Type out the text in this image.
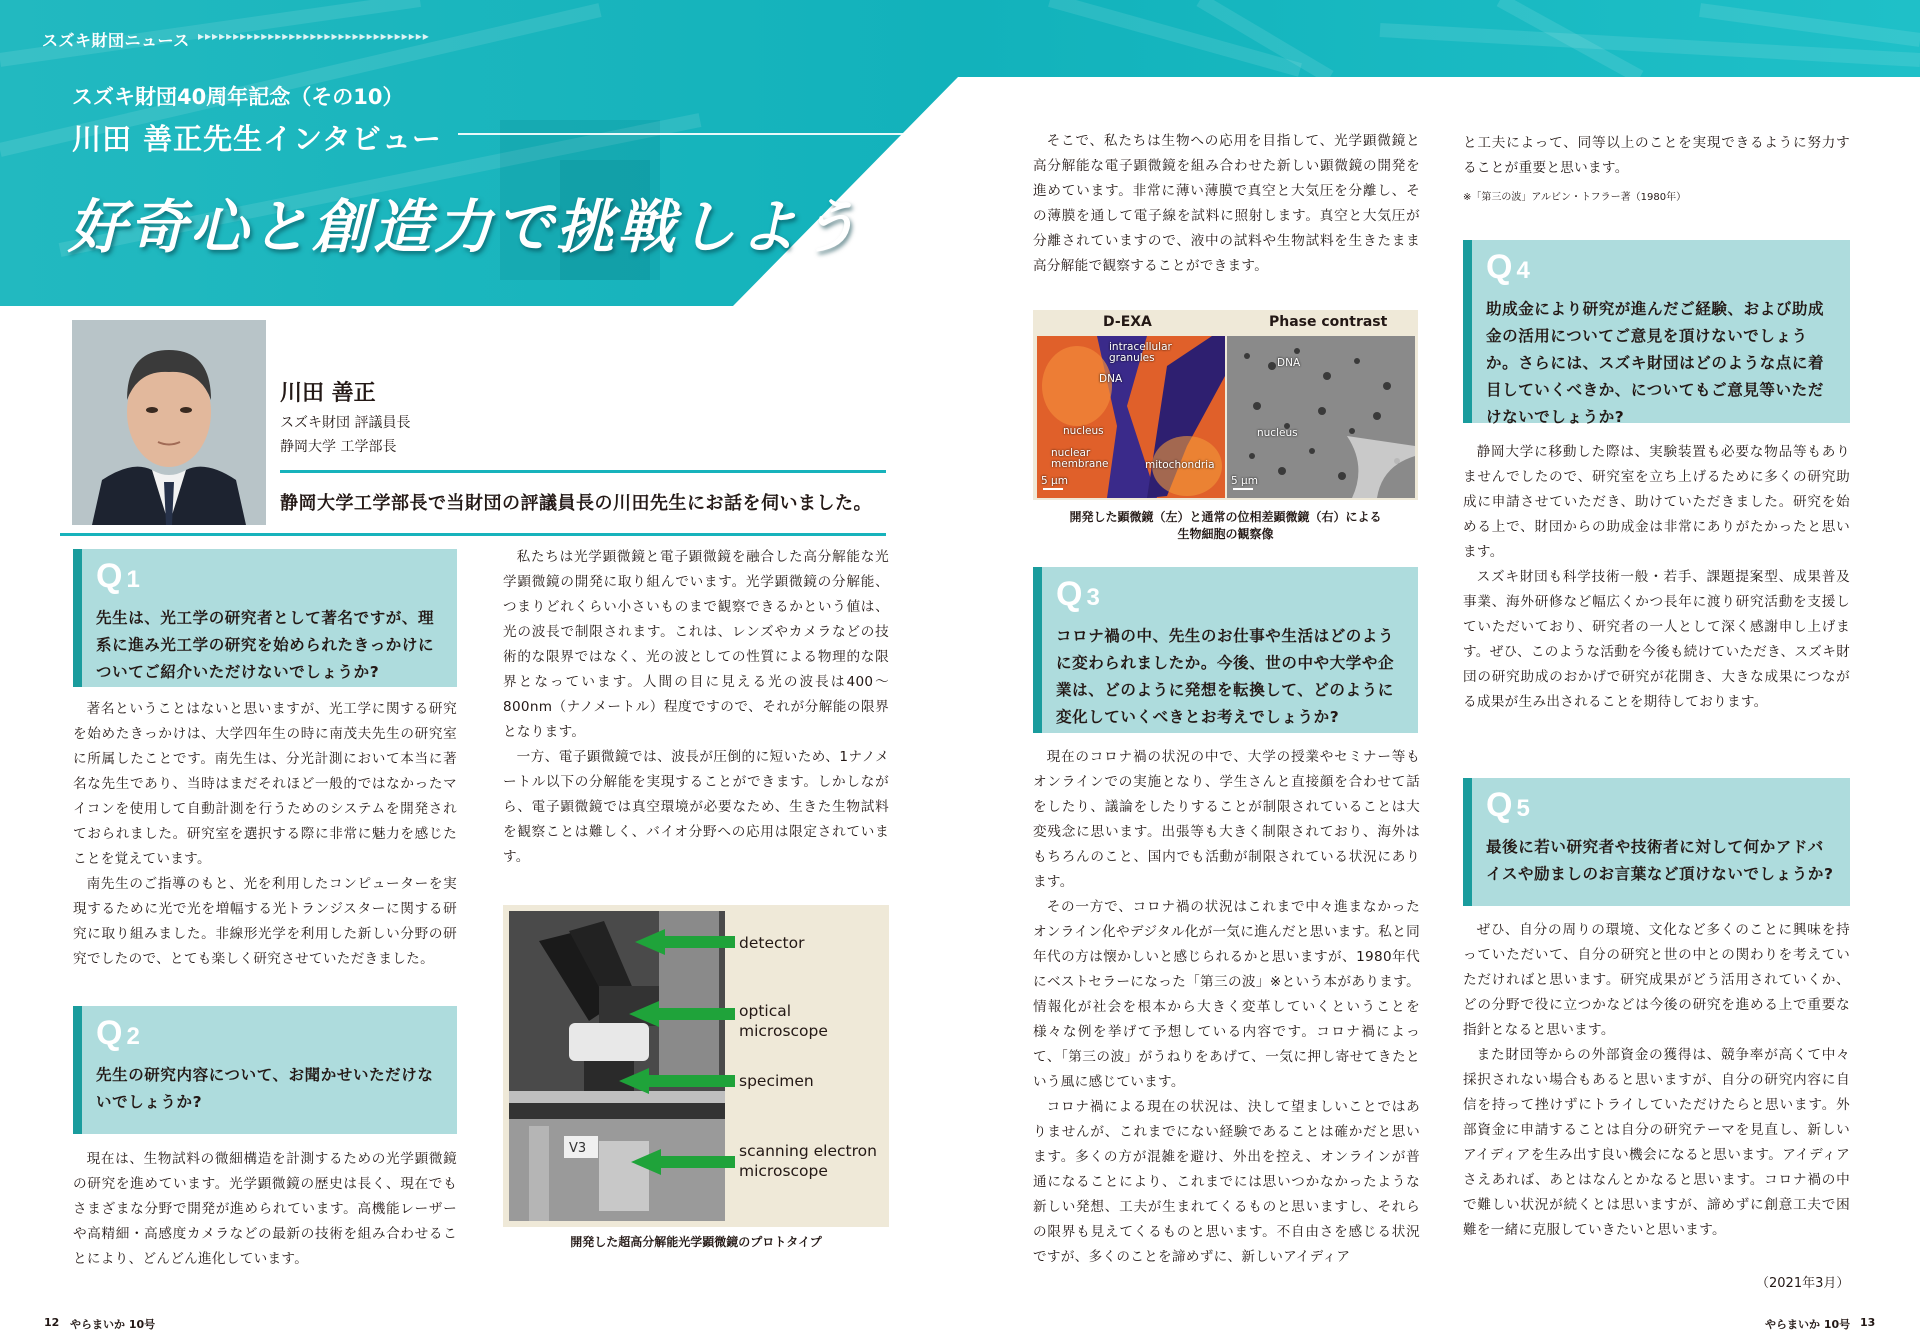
スズキ財団ニュース ▸▸▸▸▸▸▸▸▸▸▸▸▸▸▸▸▸▸▸▸▸▸▸▸▸▸▸▸▸▸▸▸▸
スズキ財団40周年記念（その10）
川田 善正先生インタビュー
好奇心と創造力で挑戦しよう
川田 善正
スズキ財団 評議員長
静岡大学 工学部長
静岡大学工学部長で当財団の評議員長の川田先生にお話を伺いました。
Q 1
先生は、光工学の研究者として著名ですが、理系に進み光工学の研究を始められたきっかけについてご紹介いただけないでしょうか?

著名ということはないと思いますが、光工学に関する研究を始めたきっかけは、大学四年生の時に南茂夫先生の研究室に所属したことです。南先生は、分光計測において本当に著名な先生であり、当時はまだそれほど一般的ではなかったマイコンを使用して自動計測を行うためのシステムを開発されておられました。研究室を選択する際に非常に魅力を感じたことを覚えています。

南先生のご指導のもと、光を利用したコンピューターを実現するために光で光を増幅する光トランジスターに関する研究に取り組みました。非線形光学を利用した新しい分野の研究でしたので、とても楽しく研究させていただきました。

Q 2
先生の研究内容について、お聞かせいただけないでしょうか?

現在は、生物試料の微細構造を計測するための光学顕微鏡の研究を進めています。光学顕微鏡の歴史は長く、現在でもさまざまな分野で開発が進められています。高機能レーザーや高精細・高感度カメラなどの最新の技術を組み合わせることにより、どんどん進化しています。

私たちは光学顕微鏡と電子顕微鏡を融合した高分解能な光学顕微鏡の開発に取り組んでいます。光学顕微鏡の分解能、つまりどれくらい小さいものまで観察できるかという値は、光の波長で制限されます。これは、レンズやカメラなどの技術的な限界ではなく、光の波としての性質による物理的な限界となっています。人間の目に見える光の波長は400～800nm（ナノメートル）程度ですので、それが分解能の限界となります。

一方、電子顕微鏡では、波長が圧倒的に短いため、1ナノメートル以下の分解能を実現することができます。しかしながら、電子顕微鏡では真空環境が必要なため、生きた生物試料を観察ことは難しく、バイオ分野への応用は限定されています。

V3
detector
optical microscope
specimen
scanning electron microscope
開発した超高分解能光学顕微鏡のプロトタイプ

そこで、私たちは生物への応用を目指して、光学顕微鏡と高分解能な電子顕微鏡を組み合わせた新しい顕微鏡の開発を進めています。非常に薄い薄膜で真空と大気圧を分離し、その薄膜を通して電子線を試料に照射します。真空と大気圧が分離されていますので、液中の試料や生物試料を生きたまま高分解能で観察することができます。

D-EXA	Phase contrast
intracellular granules
DNA
nucleus
nuclear membrane	mitochondria
5 μm
DNA
nucleus
5 μm
開発した顕微鏡（左）と通常の位相差顕微鏡（右）による
生物細胞の観察像
Q 3
コロナ禍の中、先生のお仕事や生活はどのように変わられましたか。今後、世の中や大学や企業は、どのように発想を転換して、どのように変化していくべきとお考えでしょうか?

現在のコロナ禍の状況の中で、大学の授業やセミナー等もオンラインでの実施となり、学生さんと直接顔を合わせて話をしたり、議論をしたりすることが制限されていることは大変残念に思います。出張等も大きく制限されており、海外はもちろんのこと、国内でも活動が制限されている状況にあります。

その一方で、コロナ禍の状況はこれまで中々進まなかったオンライン化やデジタル化が一気に進んだと思います。私と同年代の方は懐かしいと感じられるかと思いますが、1980年代にベストセラーになった「第三の波」※という本があります。情報化が社会を根本から大きく変革していくということを様々な例を挙げて予想している内容です。コロナ禍によって、「第三の波」がうねりをあげて、一気に押し寄せてきたという風に感じています。

コロナ禍による現在の状況は、決して望ましいことではありませんが、これまでにない経験であることは確かだと思います。多くの方が混雑を避け、外出を控え、オンラインが普通になることにより、これまでには思いつかなかったような新しい発想、工夫が生まれてくるものと思いますし、それらの限界も見えてくるものと思います。不自由さを感じる状況ですが、多くのことを諦めずに、新しいアイディア

と工夫によって、同等以上のことを実現できるように努力することが重要と思います。

※「第三の波」アルビン・トフラー著（1980年）
Q 4
助成金により研究が進んだご経験、および助成金の活用についてご意見を頂けないでしょうか。さらには、スズキ財団はどのような点に着目していくべきか、についてもご意見等いただけないでしょうか?

静岡大学に移動した際は、実験装置も必要な物品等もありませんでしたので、研究室を立ち上げるために多くの研究助成に申請させていただき、助けていただきました。研究を始める上で、財団からの助成金は非常にありがたかったと思います。

スズキ財団も科学技術一般・若手、課題提案型、成果普及事業、海外研修など幅広くかつ長年に渡り研究活動を支援していただいており、研究者の一人として深く感謝申し上げます。ぜひ、このような活動を今後も続けていただき、スズキ財団の研究助成のおかげで研究が花開き、大きな成果につながる成果が生み出されることを期待しております。

Q 5
最後に若い研究者や技術者に対して何かアドバイスや励ましのお言葉など頂けないでしょうか?

ぜひ、自分の周りの環境、文化など多くのことに興味を持っていただいて、自分の研究と世の中との関わりを考えていただければと思います。研究成果がどう活用されていくか、どの分野で役に立つかなどは今後の研究を進める上で重要な指針となると思います。

また財団等からの外部資金の獲得は、競争率が高くて中々採択されない場合もあると思いますが、自分の研究内容に自信を持って挫けずにトライしていただけたらと思います。外部資金に申請することは自分の研究テーマを見直し、新しいアイディアを生み出す良い機会になると思います。アイディアさえあれば、あとはなんとかなると思います。コロナ禍の中で難しい状況が続くとは思いますが、諦めずに創意工夫で困難を一緒に克服していきたいと思います。

（2021年3月）
12 やらまいか 10号	やらまいか 10号 13
